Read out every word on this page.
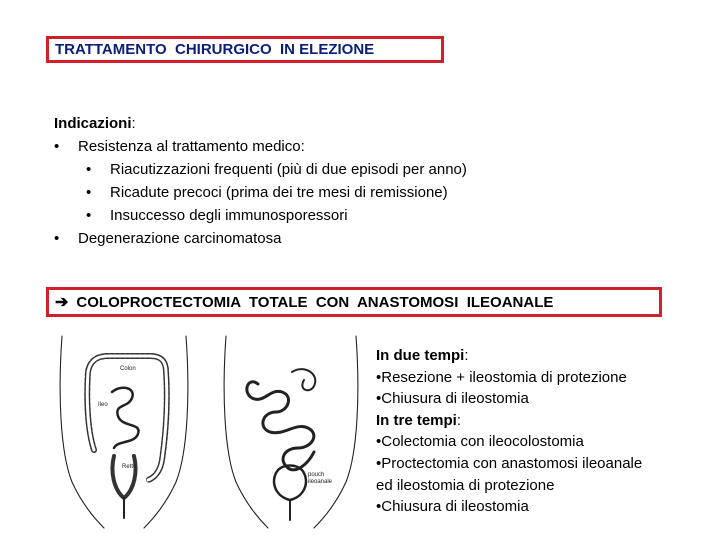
TRATTAMENTO  CHIRURGICO  IN ELEZIONE
Indicazioni :
•	Resistenza al trattamento medico:
•	Riacutizzazioni frequenti (più di due episodi per anno)
•	Ricadute precoci (prima dei tre mesi di remissione)
•	Insuccesso degli immunosporessori
•	Degenerazione carcinomatosa
➔ COLOPROCTECTOMIA  TOTALE  CON  ANASTOMOSI  ILEOANALE
Colon
Ileo
Retto
pouch
ileoanale
In due tempi:
•Resezione + ileostomia di protezione
•Chiusura di ileostomia
In tre tempi:
•Colectomia con ileocolostomia
•Proctectomia con anastomosi ileoanale
ed ileostomia di protezione
•Chiusura di ileostomia
